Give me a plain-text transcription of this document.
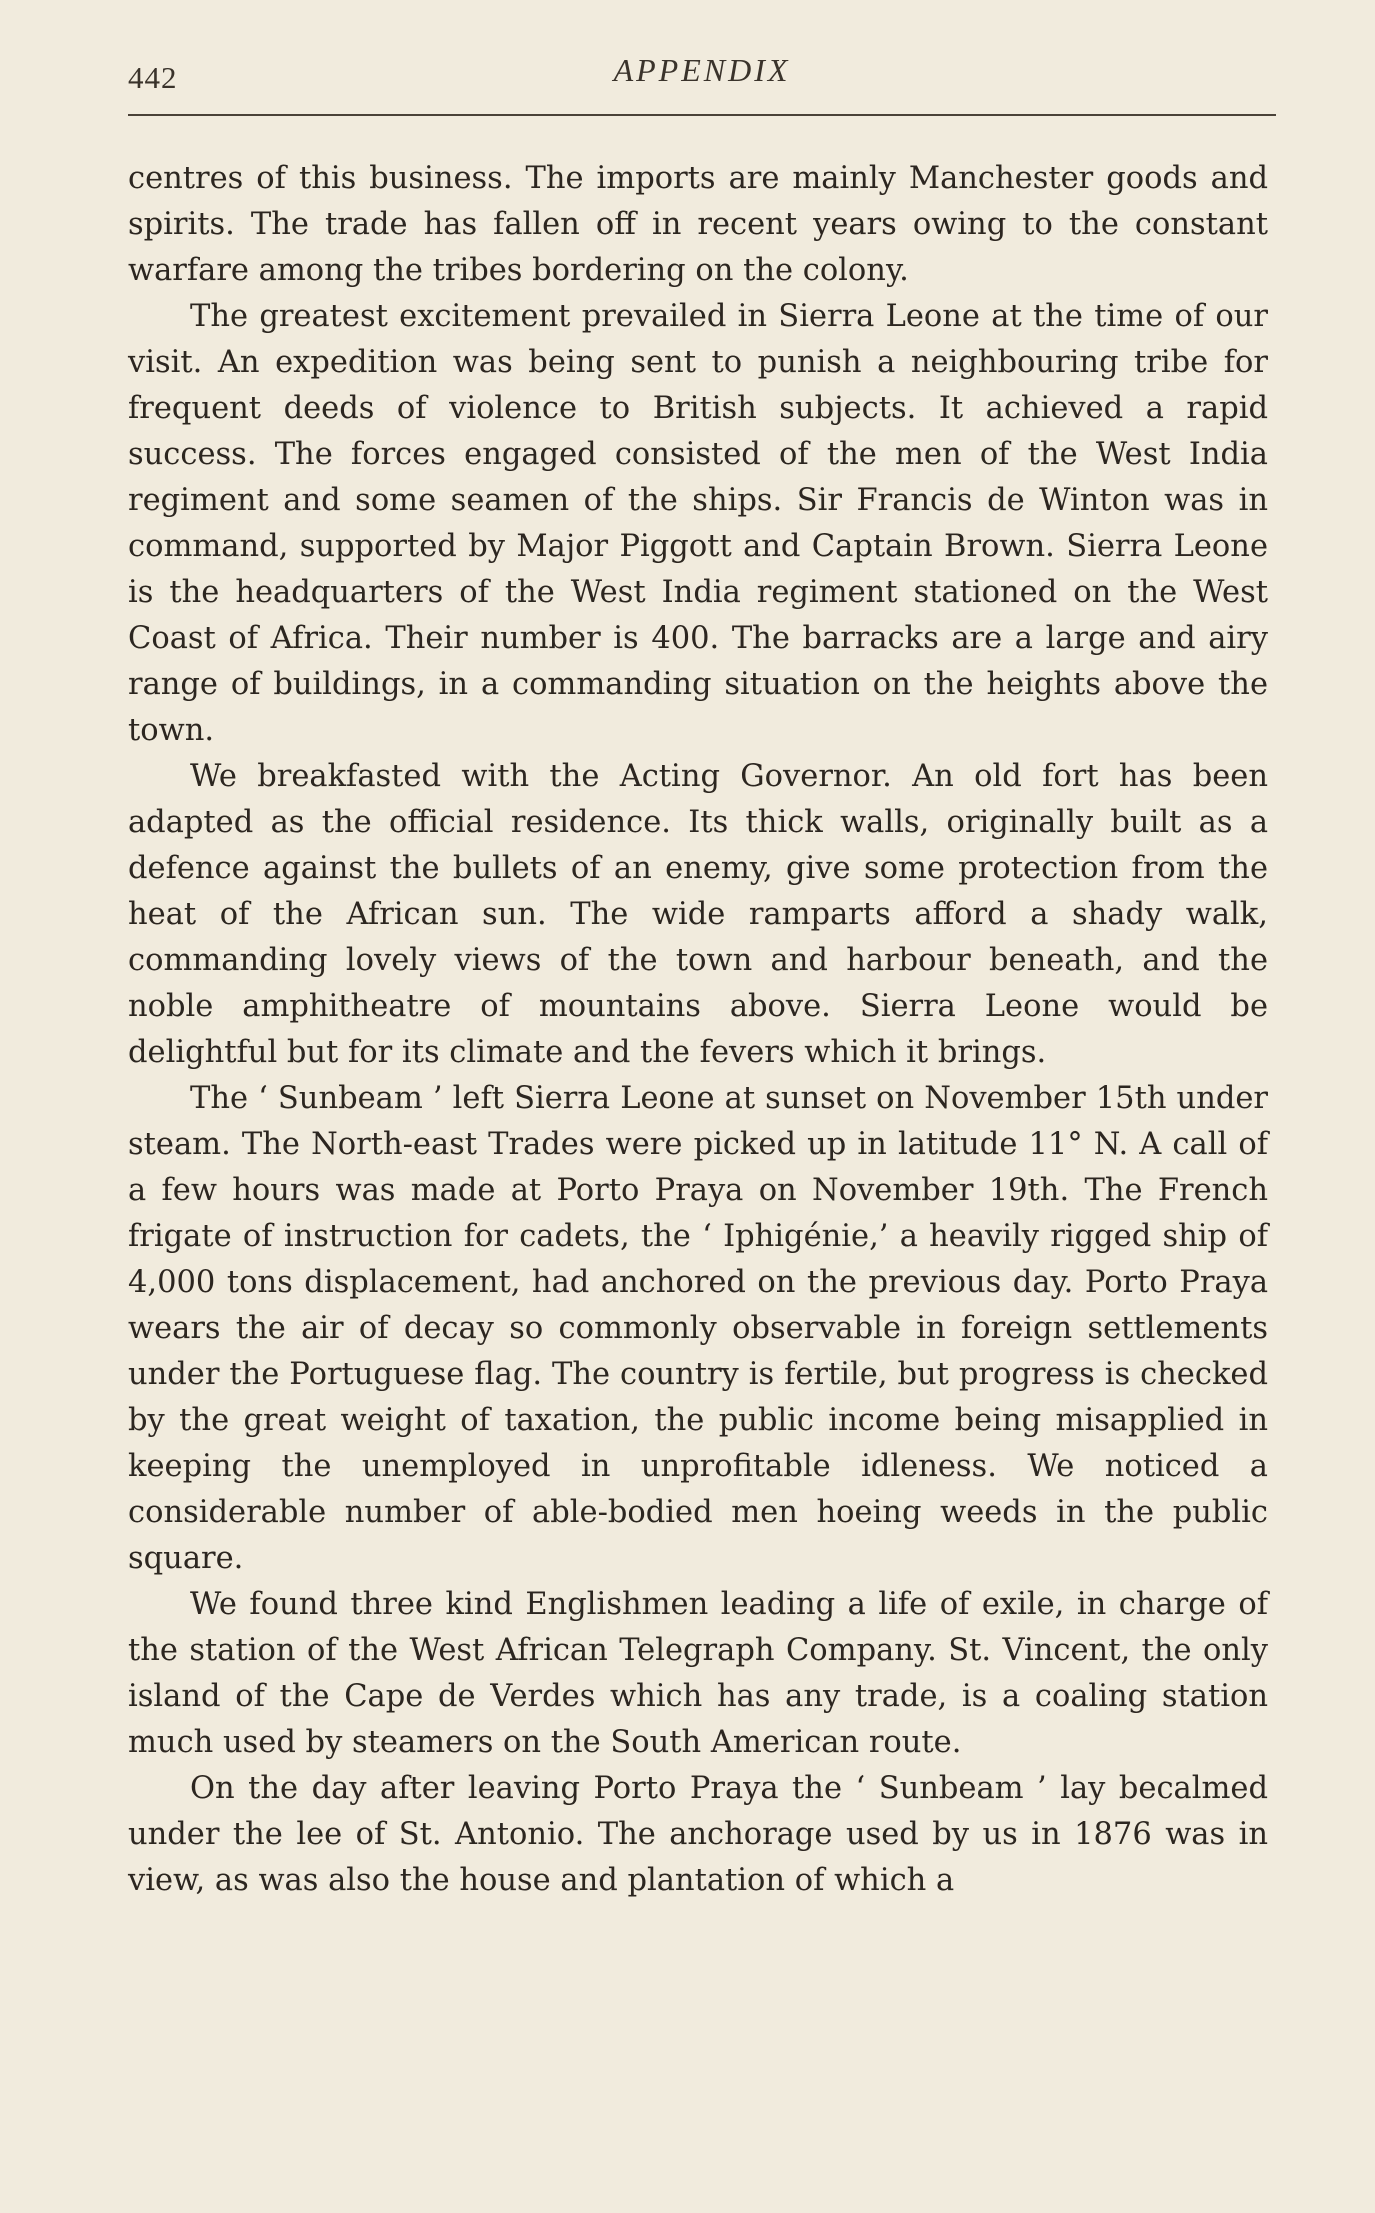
442	APPENDIX

centres of this business. The imports are mainly Manchester goods and spirits. The trade has fallen off in recent years owing to the constant warfare among the tribes bordering on the colony.

The greatest excitement prevailed in Sierra Leone at the time of our visit. An expedition was being sent to punish a neighbouring tribe for frequent deeds of violence to British subjects. It achieved a rapid success. The forces engaged consisted of the men of the West India regiment and some seamen of the ships. Sir Francis de Winton was in command, supported by Major Piggott and Captain Brown. Sierra Leone is the headquarters of the West India regiment stationed on the West Coast of Africa. Their number is 400. The barracks are a large and airy range of buildings, in a commanding situation on the heights above the town.

We breakfasted with the Acting Governor. An old fort has been adapted as the official residence. Its thick walls, originally built as a defence against the bullets of an enemy, give some protection from the heat of the African sun. The wide ramparts afford a shady walk, commanding lovely views of the town and harbour beneath, and the noble amphitheatre of mountains above. Sierra Leone would be delightful but for its climate and the fevers which it brings.

The ‘ Sunbeam ’ left Sierra Leone at sunset on November 15th under steam. The North-east Trades were picked up in latitude 11° N. A call of a few hours was made at Porto Praya on November 19th. The French frigate of instruction for cadets, the ‘ Iphigénie,’ a heavily rigged ship of 4,000 tons displacement, had anchored on the previous day. Porto Praya wears the air of decay so commonly observable in foreign settlements under the Portuguese flag. The country is fertile, but progress is checked by the great weight of taxation, the public income being misapplied in keeping the unemployed in unprofitable idleness. We noticed a considerable number of able-bodied men hoeing weeds in the public square.

We found three kind Englishmen leading a life of exile, in charge of the station of the West African Telegraph Company. St. Vincent, the only island of the Cape de Verdes which has any trade, is a coaling station much used by steamers on the South American route.

On the day after leaving Porto Praya the ‘ Sunbeam ’ lay becalmed under the lee of St. Antonio. The anchorage used by us in 1876 was in view, as was also the house and plantation of which a
